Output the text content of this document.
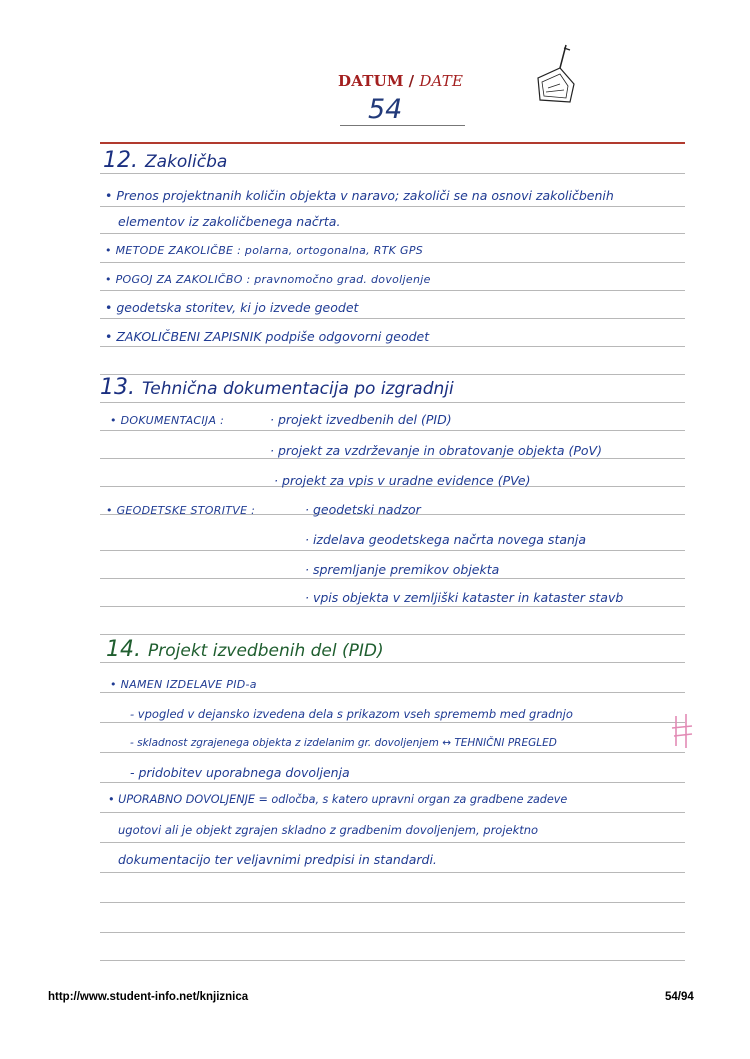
DATUM / DATE
54
12. Zakoličba
• Prenos projektnanih količin objekta v naravo; zakoliči se na osnovi zakoličbenih
elementov iz zakoličbenega načrta.
• METODE ZAKOLIČBE : polarna, ortogonalna, RTK GPS
• POGOJ ZA ZAKOLIČBO : pravnomočno grad. dovoljenje
• geodetska storitev, ki jo izvede geodet
• ZAKOLIČBENI ZAPISNIK podpiše odgovorni geodet
13. Tehnična dokumentacija po izgradnji
• DOKUMENTACIJA :	· projekt izvedbenih del (PID)
· projekt za vzdrževanje in obratovanje objekta (PoV)
· projekt za vpis v uradne evidence (PVe)
• GEODETSKE STORITVE :	· geodetski nadzor
· izdelava geodetskega načrta novega stanja
· spremljanje premikov objekta
· vpis objekta v zemljiški kataster in kataster stavb
14. Projekt izvedbenih del (PID)
• NAMEN IZDELAVE PID-a
- vpogled v dejansko izvedena dela s prikazom vseh sprememb med gradnjo
- skladnost zgrajenega objekta z izdelanim gr. dovoljenjem ↔ TEHNIČNI PREGLED
- pridobitev uporabnega dovoljenja
• UPORABNO DOVOLJENJE = odločba, s katero upravni organ za gradbene zadeve
ugotovi ali je objekt zgrajen skladno z gradbenim dovoljenjem, projektno
dokumentacijo ter veljavnimi predpisi in standardi.
http://www.student-info.net/knjiznica	54/94
